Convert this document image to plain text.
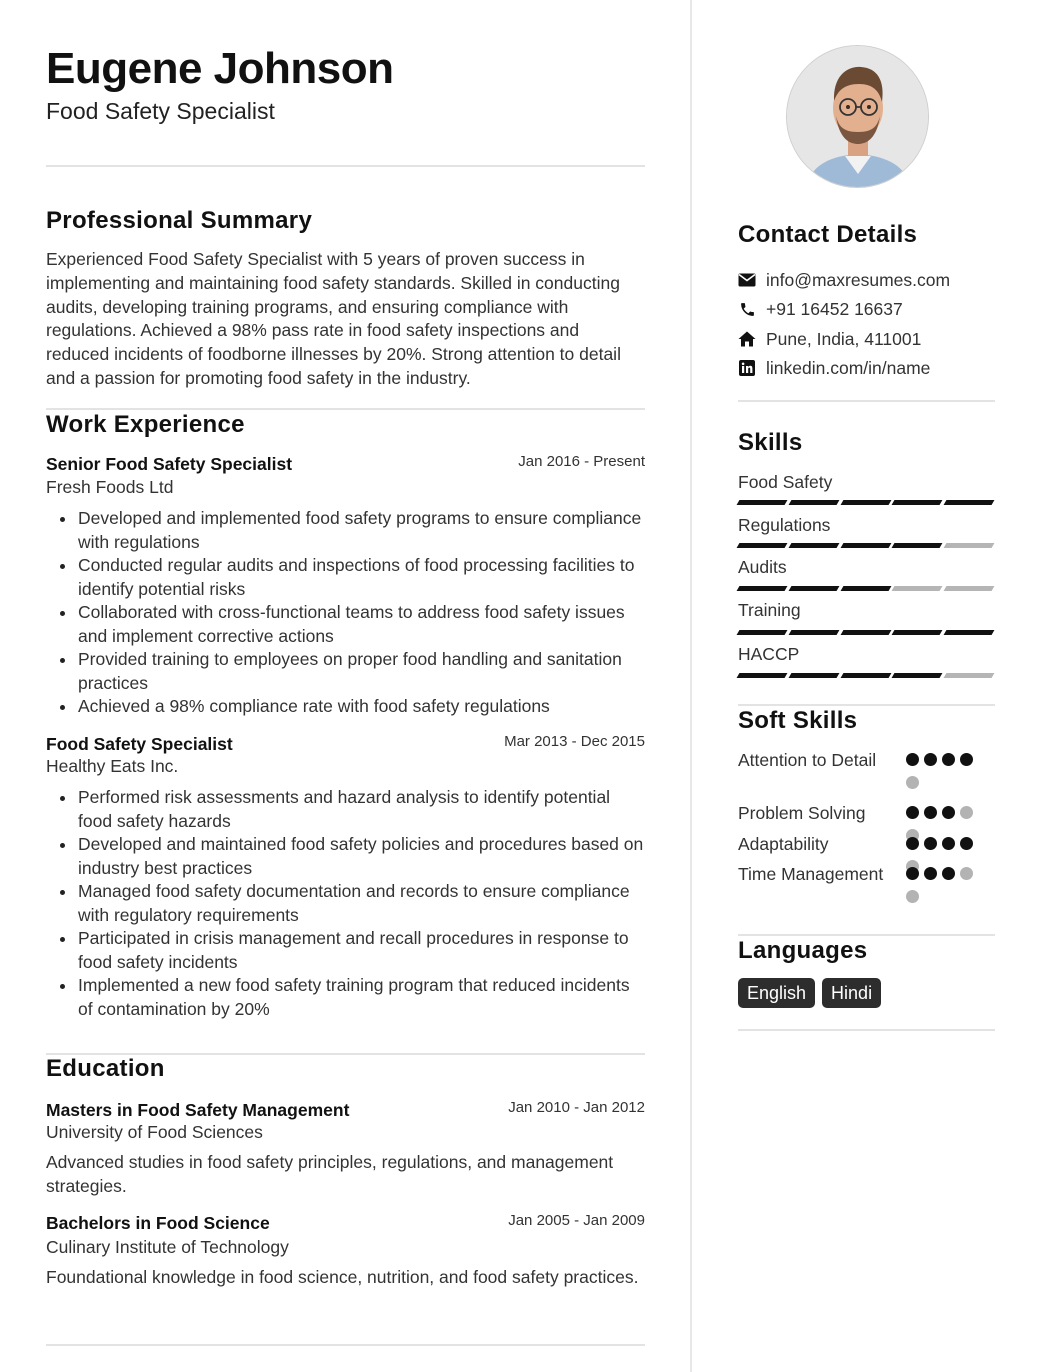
Eugene Johnson
Food Safety Specialist
Professional Summary
Experienced Food Safety Specialist with 5 years of proven success in implementing and maintaining food safety standards. Skilled in conducting audits, developing training programs, and ensuring compliance with regulations. Achieved a 98% pass rate in food safety inspections and reduced incidents of foodborne illnesses by 20%. Strong attention to detail and a passion for promoting food safety in the industry.
Work Experience
Senior Food Safety Specialist	Jan 2016 - Present
Fresh Foods Ltd
Developed and implemented food safety programs to ensure compliance with regulations
Conducted regular audits and inspections of food processing facilities to identify potential risks
Collaborated with cross-functional teams to address food safety issues and implement corrective actions
Provided training to employees on proper food handling and sanitation practices
Achieved a 98% compliance rate with food safety regulations
Food Safety Specialist	Mar 2013 - Dec 2015
Healthy Eats Inc.
Performed risk assessments and hazard analysis to identify potential food safety hazards
Developed and maintained food safety policies and procedures based on industry best practices
Managed food safety documentation and records to ensure compliance with regulatory requirements
Participated in crisis management and recall procedures in response to food safety incidents
Implemented a new food safety training program that reduced incidents of contamination by 20%
Education
Masters in Food Safety Management	Jan 2010 - Jan 2012
University of Food Sciences
Advanced studies in food safety principles, regulations, and management strategies.
Bachelors in Food Science	Jan 2005 - Jan 2009
Culinary Institute of Technology
Foundational knowledge in food science, nutrition, and food safety practices.
Contact Details
info@maxresumes.com
+91 16452 16637
Pune, India, 411001
linkedin.com/in/name
Skills
Food Safety
Regulations
Audits
Training
HACCP
Soft Skills
Attention to Detail
Problem Solving
Adaptability
Time Management
Languages
English	Hindi
